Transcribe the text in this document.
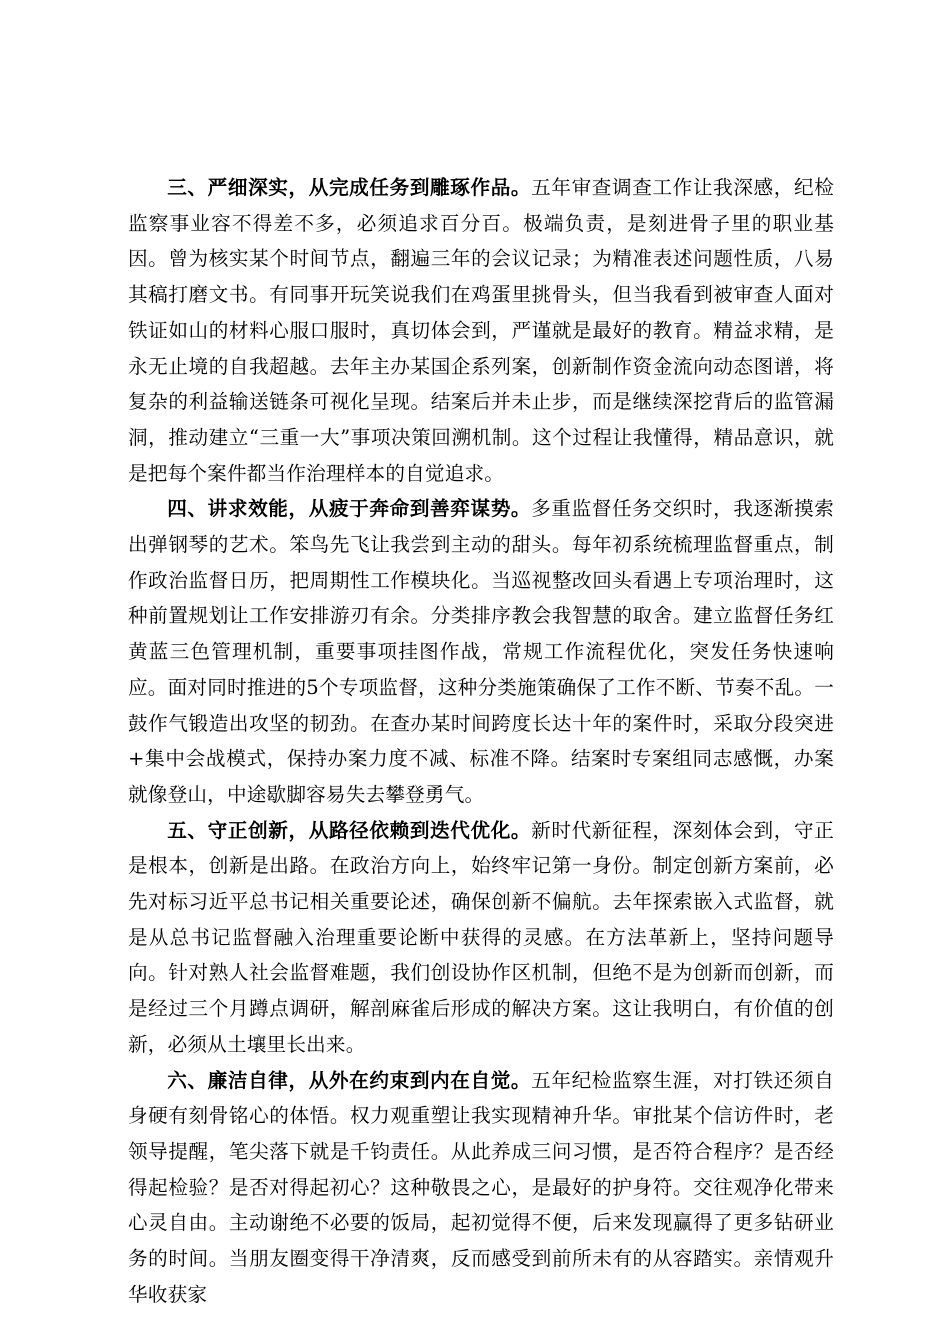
三、严细深实，从完成任务到雕琢作品。五年审查调查工作让我深感，纪检监察事业容不得差不多，必须追求百分百。极端负责，是刻进骨子里的职业基因。曾为核实某个时间节点，翻遍三年的会议记录；为精准表述问题性质，八易其稿打磨文书。有同事开玩笑说我们在鸡蛋里挑骨头，但当我看到被审查人面对铁证如山的材料心服口服时，真切体会到，严谨就是最好的教育。精益求精，是永无止境的自我超越。去年主办某国企系列案，创新制作资金流向动态图谱，将复杂的利益输送链条可视化呈现。结案后并未止步，而是继续深挖背后的监管漏洞，推动建立“三重一大”事项决策回溯机制。这个过程让我懂得，精品意识，就是把每个案件都当作治理样本的自觉追求。

四、讲求效能，从疲于奔命到善弈谋势。多重监督任务交织时，我逐渐摸索出弹钢琴的艺术。笨鸟先飞让我尝到主动的甜头。每年初系统梳理监督重点，制作政治监督日历，把周期性工作模块化。当巡视整改回头看遇上专项治理时，这种前置规划让工作安排游刃有余。分类排序教会我智慧的取舍。建立监督任务红黄蓝三色管理机制，重要事项挂图作战，常规工作流程优化，突发任务快速响应。面对同时推进的5个专项监督，这种分类施策确保了工作不断、节奏不乱。一鼓作气锻造出攻坚的韧劲。在查办某时间跨度长达十年的案件时，采取分段突进+集中会战模式，保持办案力度不减、标准不降。结案时专案组同志感慨，办案就像登山，中途歇脚容易失去攀登勇气。

五、守正创新，从路径依赖到迭代优化。新时代新征程，深刻体会到，守正是根本，创新是出路。在政治方向上，始终牢记第一身份。制定创新方案前，必先对标习近平总书记相关重要论述，确保创新不偏航。去年探索嵌入式监督，就是从总书记监督融入治理重要论断中获得的灵感。在方法革新上，坚持问题导向。针对熟人社会监督难题，我们创设协作区机制，但绝不是为创新而创新，而是经过三个月蹲点调研，解剖麻雀后形成的解决方案。这让我明白，有价值的创新，必须从土壤里长出来。

六、廉洁自律，从外在约束到内在自觉。五年纪检监察生涯，对打铁还须自身硬有刻骨铭心的体悟。权力观重塑让我实现精神升华。审批某个信访件时，老领导提醒，笔尖落下就是千钧责任。从此养成三问习惯，是否符合程序？是否经得起检验？是否对得起初心？这种敬畏之心，是最好的护身符。交往观净化带来心灵自由。主动谢绝不必要的饭局，起初觉得不便，后来发现赢得了更多钻研业务的时间。当朋友圈变得干净清爽，反而感受到前所未有的从容踏实。亲情观升华收获家
